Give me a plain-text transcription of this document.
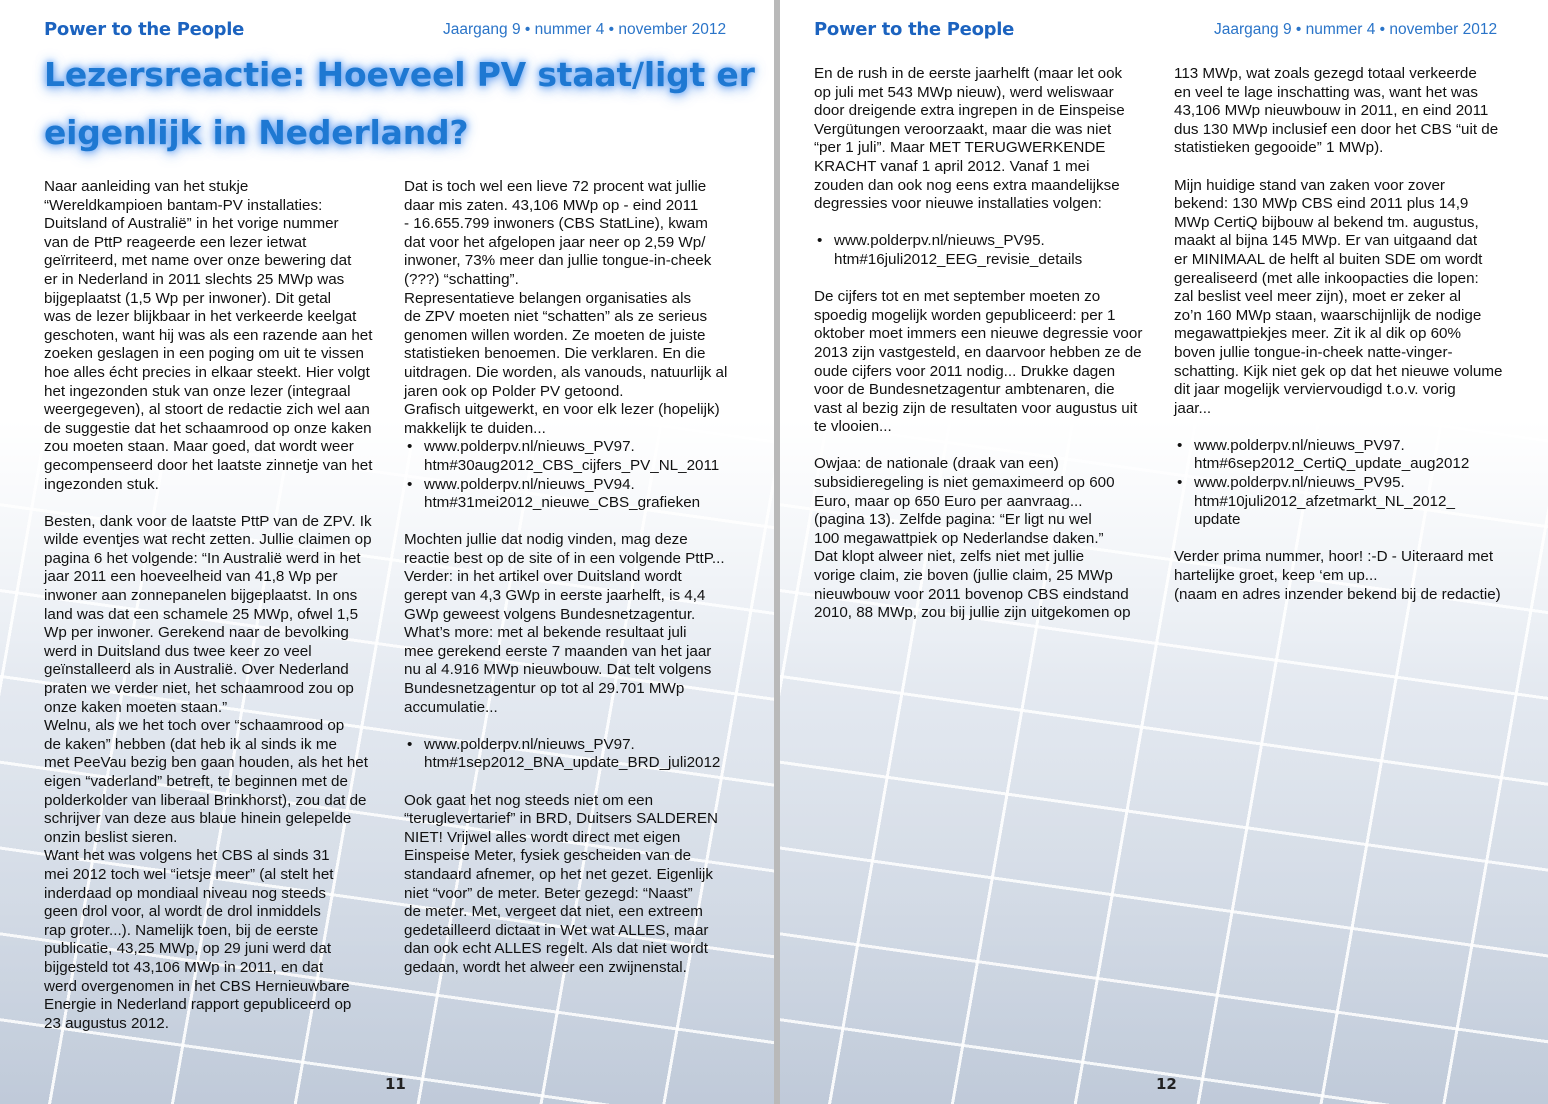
Power to the People	Jaargang 9 • nummer 4 • november 2012
Lezersreactie: Hoeveel PV staat/ligt er
eigenlijk in Nederland?
Naar aanleiding van het stukje
“Wereldkampioen bantam-PV installaties:
Duitsland of Australië” in het vorige nummer
van de PttP reageerde een lezer ietwat
geïrriteerd, met name over onze bewering dat
er in Nederland in 2011 slechts 25 MWp was
bijgeplaatst (1,5 Wp per inwoner). Dit getal
was de lezer blijkbaar in het verkeerde keelgat
geschoten, want hij was als een razende aan het
zoeken geslagen in een poging om uit te vissen
hoe alles écht precies in elkaar steekt. Hier volgt
het ingezonden stuk van onze lezer (integraal
weergegeven), al stoort de redactie zich wel aan
de suggestie dat het schaamrood op onze kaken
zou moeten staan. Maar goed, dat wordt weer
gecompenseerd door het laatste zinnetje van het
ingezonden stuk.
Besten, dank voor de laatste PttP van de ZPV. Ik
wilde eventjes wat recht zetten. Jullie claimen op
pagina 6 het volgende: “In Australië werd in het
jaar 2011 een hoeveelheid van 41,8 Wp per
inwoner aan zonnepanelen bijgeplaatst. In ons
land was dat een schamele 25 MWp, ofwel 1,5
Wp per inwoner. Gerekend naar de bevolking
werd in Duitsland dus twee keer zo veel
geïnstalleerd als in Australië. Over Nederland
praten we verder niet, het schaamrood zou op
onze kaken moeten staan.”
Welnu, als we het toch over “schaamrood op
de kaken” hebben (dat heb ik al sinds ik me
met PeeVau bezig ben gaan houden, als het het
eigen “vaderland” betreft, te beginnen met de
polderkolder van liberaal Brinkhorst), zou dat de
schrijver van deze aus blaue hinein gelepelde
onzin beslist sieren.
Want het was volgens het CBS al sinds 31
mei 2012 toch wel “ietsje meer” (al stelt het
inderdaad op mondiaal niveau nog steeds
geen drol voor, al wordt de drol inmiddels
rap groter...). Namelijk toen, bij de eerste
publicatie, 43,25 MWp, op 29 juni werd dat
bijgesteld tot 43,106 MWp in 2011, en dat
werd overgenomen in het CBS Hernieuwbare
Energie in Nederland rapport gepubliceerd op
23 augustus 2012.
Dat is toch wel een lieve 72 procent wat jullie
daar mis zaten. 43,106 MWp op - eind 2011
- 16.655.799 inwoners (CBS StatLine), kwam
dat voor het afgelopen jaar neer op 2,59 Wp/
inwoner, 73% meer dan jullie tongue-in-cheek
(???) “schatting”.
Representatieve belangen organisaties als
de ZPV moeten niet “schatten” als ze serieus
genomen willen worden. Ze moeten de juiste
statistieken benoemen. Die verklaren. En die
uitdragen. Die worden, als vanouds, natuurlijk al
jaren ook op Polder PV getoond.
Grafisch uitgewerkt, en voor elk lezer (hopelijk)
makkelijk te duiden...
• www.polderpv.nl/nieuws_PV97.
htm#30aug2012_CBS_cijfers_PV_NL_2011
• www.polderpv.nl/nieuws_PV94.
htm#31mei2012_nieuwe_CBS_grafieken
Mochten jullie dat nodig vinden, mag deze
reactie best op de site of in een volgende PttP...
Verder: in het artikel over Duitsland wordt
gerept van 4,3 GWp in eerste jaarhelft, is 4,4
GWp geweest volgens Bundesnetzagentur.
What’s more: met al bekende resultaat juli
mee gerekend eerste 7 maanden van het jaar
nu al 4.916 MWp nieuwbouw. Dat telt volgens
Bundesnetzagentur op tot al 29.701 MWp
accumulatie...
• www.polderpv.nl/nieuws_PV97.
htm#1sep2012_BNA_update_BRD_juli2012
Ook gaat het nog steeds niet om een
“teruglevertarief” in BRD, Duitsers SALDEREN
NIET! Vrijwel alles wordt direct met eigen
Einspeise Meter, fysiek gescheiden van de
standaard afnemer, op het net gezet. Eigenlijk
niet “voor” de meter. Beter gezegd: “Naast”
de meter. Met, vergeet dat niet, een extreem
gedetailleerd dictaat in Wet wat ALLES, maar
dan ook echt ALLES regelt. Als dat niet wordt
gedaan, wordt het alweer een zwijnenstal.
11
Power to the People	Jaargang 9 • nummer 4 • november 2012
En de rush in de eerste jaarhelft (maar let ook
op juli met 543 MWp nieuw), werd weliswaar
door dreigende extra ingrepen in de Einspeise
Vergütungen veroorzaakt, maar die was niet
“per 1 juli”. Maar MET TERUGWERKENDE
KRACHT vanaf 1 april 2012. Vanaf 1 mei
zouden dan ook nog eens extra maandelijkse
degressies voor nieuwe installaties volgen:
• www.polderpv.nl/nieuws_PV95.
htm#16juli2012_EEG_revisie_details
De cijfers tot en met september moeten zo
spoedig mogelijk worden gepubliceerd: per 1
oktober moet immers een nieuwe degressie voor
2013 zijn vastgesteld, en daarvoor hebben ze de
oude cijfers voor 2011 nodig... Drukke dagen
voor de Bundesnetzagentur ambtenaren, die
vast al bezig zijn de resultaten voor augustus uit
te vlooien...
Owjaa: de nationale (draak van een)
subsidieregeling is niet gemaximeerd op 600
Euro, maar op 650 Euro per aanvraag...
(pagina 13). Zelfde pagina: “Er ligt nu wel
100 megawattpiek op Nederlandse daken.”
Dat klopt alweer niet, zelfs niet met jullie
vorige claim, zie boven (jullie claim, 25 MWp
nieuwbouw voor 2011 bovenop CBS eindstand
2010, 88 MWp, zou bij jullie zijn uitgekomen op
113 MWp, wat zoals gezegd totaal verkeerde
en veel te lage inschatting was, want het was
43,106 MWp nieuwbouw in 2011, en eind 2011
dus 130 MWp inclusief een door het CBS “uit de
statistieken gegooide” 1 MWp).
Mijn huidige stand van zaken voor zover
bekend: 130 MWp CBS eind 2011 plus 14,9
MWp CertiQ bijbouw al bekend tm. augustus,
maakt al bijna 145 MWp. Er van uitgaand dat
er MINIMAAL de helft al buiten SDE om wordt
gerealiseerd (met alle inkoopacties die lopen:
zal beslist veel meer zijn), moet er zeker al
zo’n 160 MWp staan, waarschijnlijk de nodige
megawattpiekjes meer. Zit ik al dik op 60%
boven jullie tongue-in-cheek natte-vinger-
schatting. Kijk niet gek op dat het nieuwe volume
dit jaar mogelijk verviervoudigd t.o.v. vorig
jaar...
• www.polderpv.nl/nieuws_PV97.
htm#6sep2012_CertiQ_update_aug2012
• www.polderpv.nl/nieuws_PV95.
htm#10juli2012_afzetmarkt_NL_2012_
update
Verder prima nummer, hoor! :-D - Uiteraard met
hartelijke groet, keep ‘em up...
(naam en adres inzender bekend bij de redactie)
12
